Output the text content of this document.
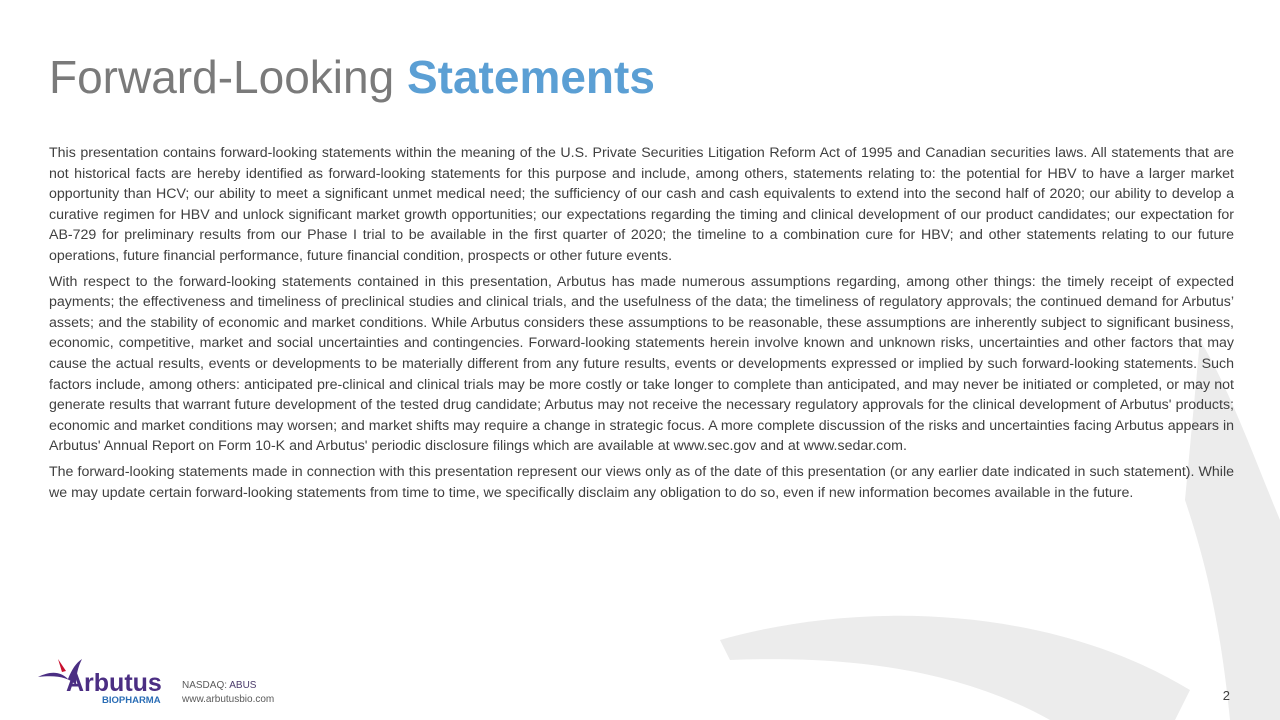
Forward-Looking Statements

This presentation contains forward-looking statements within the meaning of the U.S. Private Securities Litigation Reform Act of 1995 and Canadian securities laws. All statements that are not historical facts are hereby identified as forward-looking statements for this purpose and include, among others, statements relating to: the potential for HBV to have a larger market opportunity than HCV; our ability to meet a significant unmet medical need; the sufficiency of our cash and cash equivalents to extend into the second half of 2020; our ability to develop a curative regimen for HBV and unlock significant market growth opportunities; our expectations regarding the timing and clinical development of our product candidates; our expectation for AB-729 for preliminary results from our Phase I trial to be available in the first quarter of 2020; the timeline to a combination cure for HBV; and other statements relating to our future operations, future financial performance, future financial condition, prospects or other future events.

With respect to the forward-looking statements contained in this presentation, Arbutus has made numerous assumptions regarding, among other things: the timely receipt of expected payments; the effectiveness and timeliness of preclinical studies and clinical trials, and the usefulness of the data; the timeliness of regulatory approvals; the continued demand for Arbutus’ assets; and the stability of economic and market conditions. While Arbutus considers these assumptions to be reasonable, these assumptions are inherently subject to significant business, economic, competitive, market and social uncertainties and contingencies. Forward-looking statements herein involve known and unknown risks, uncertainties and other factors that may cause the actual results, events or developments to be materially different from any future results, events or developments expressed or implied by such forward-looking statements. Such factors include, among others: anticipated pre-clinical and clinical trials may be more costly or take longer to complete than anticipated, and may never be initiated or completed, or may not generate results that warrant future development of the tested drug candidate; Arbutus may not receive the necessary regulatory approvals for the clinical development of Arbutus' products; economic and market conditions may worsen; and market shifts may require a change in strategic focus. A more complete discussion of the risks and uncertainties facing Arbutus appears in Arbutus' Annual Report on Form 10-K and Arbutus' periodic disclosure filings which are available at www.sec.gov and at www.sedar.com.

The forward-looking statements made in connection with this presentation represent our views only as of the date of this presentation (or any earlier date indicated in such statement). While we may update certain forward-looking statements from time to time, we specifically disclaim any obligation to do so, even if new information becomes available in the future.

Arbutus
BIOPHARMA
NASDAQ: ABUS
www.arbutusbio.com	2
